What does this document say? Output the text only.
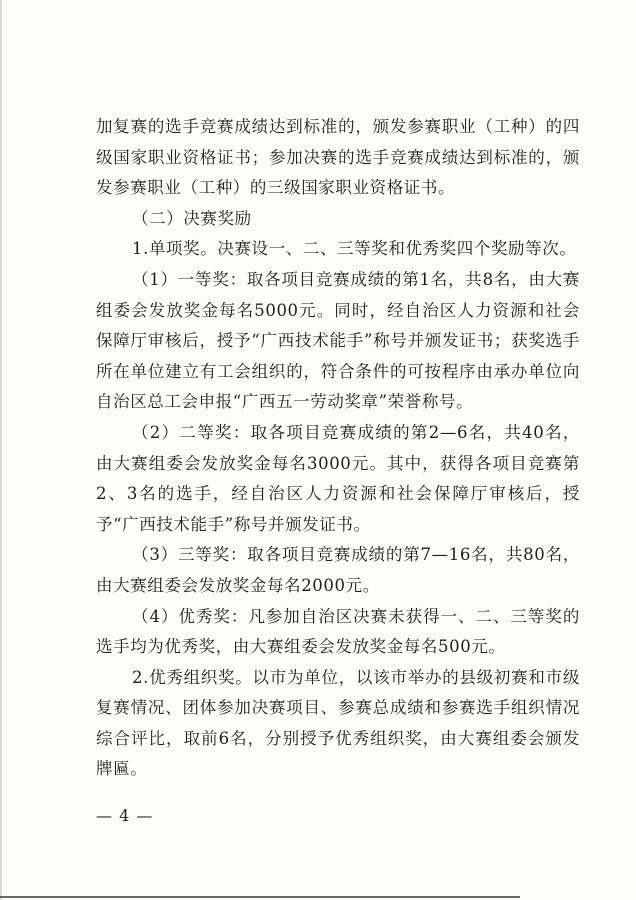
加复赛的选手竞赛成绩达到标准的，颁发参赛职业（工种）的四级国家职业资格证书；参加决赛的选手竞赛成绩达到标准的，颁发参赛职业（工种）的三级国家职业资格证书。

（二）决赛奖励

1.单项奖。决赛设一、二、三等奖和优秀奖四个奖励等次。

（1）一等奖：取各项目竞赛成绩的第1名，共8名，由大赛组委会发放奖金每名5000元。同时，经自治区人力资源和社会保障厅审核后，授予“广西技术能手”称号并颁发证书；获奖选手所在单位建立有工会组织的，符合条件的可按程序由承办单位向自治区总工会申报“广西五一劳动奖章”荣誉称号。

（2）二等奖：取各项目竞赛成绩的第2—6名，共40名，由大赛组委会发放奖金每名3000元。其中，获得各项目竞赛第2、3名的选手，经自治区人力资源和社会保障厅审核后，授予“广西技术能手”称号并颁发证书。

（3）三等奖：取各项目竞赛成绩的第7—16名，共80名，由大赛组委会发放奖金每名2000元。

（4）优秀奖：凡参加自治区决赛未获得一、二、三等奖的选手均为优秀奖，由大赛组委会发放奖金每名500元。

2.优秀组织奖。以市为单位，以该市举办的县级初赛和市级复赛情况、团体参加决赛项目、参赛总成绩和参赛选手组织情况综合评比，取前6名，分别授予优秀组织奖，由大赛组委会颁发牌匾。

— 4 —
